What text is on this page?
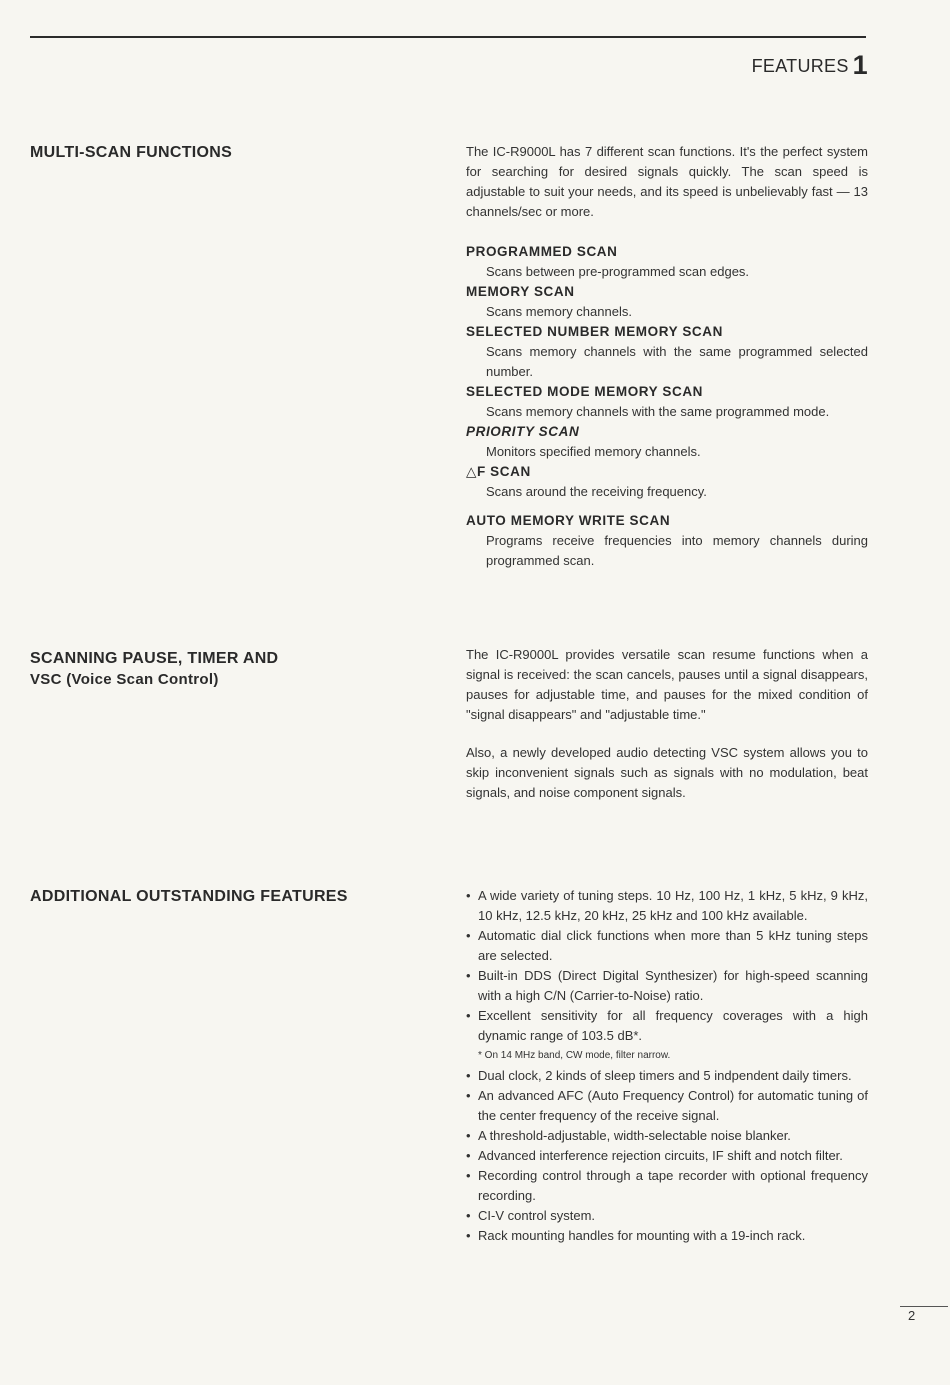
FEATURES 1
MULTI-SCAN FUNCTIONS	The IC-R9000L has 7 different scan functions. It's the perfect system for searching for desired signals quickly. The scan speed is adjustable to suit your needs, and its speed is unbelievably fast — 13 channels/sec or more.

PROGRAMMED SCAN
Scans between pre-programmed scan edges.
MEMORY SCAN
Scans memory channels.
SELECTED NUMBER MEMORY SCAN
Scans memory channels with the same programmed selected number.
SELECTED MODE MEMORY SCAN
Scans memory channels with the same programmed mode.
PRIORITY SCAN
Monitors specified memory channels.
△F SCAN
Scans around the receiving frequency.
AUTO MEMORY WRITE SCAN
Programs receive frequencies into memory channels during programmed scan.
SCANNING PAUSE, TIMER AND
VSC (Voice Scan Control)

The IC-R9000L provides versatile scan resume functions when a signal is received: the scan cancels, pauses until a signal disappears, pauses for adjustable time, and pauses for the mixed condition of "signal disappears" and "adjustable time."

Also, a newly developed audio detecting VSC system allows you to skip inconvenient signals such as signals with no modulation, beat signals, and noise component signals.

ADDITIONAL OUTSTANDING FEATURES	• A wide variety of tuning steps. 10 Hz, 100 Hz, 1 kHz, 5 kHz, 9 kHz, 10 kHz, 12.5 kHz, 20 kHz, 25 kHz and 100 kHz available.
• Automatic dial click functions when more than 5 kHz tuning steps are selected.
• Built-in DDS (Direct Digital Synthesizer) for high-speed scanning with a high C/N (Carrier-to-Noise) ratio.
• Excellent sensitivity for all frequency coverages with a high dynamic range of 103.5 dB*.
* On 14 MHz band, CW mode, filter narrow.
• Dual clock, 2 kinds of sleep timers and 5 indpendent daily timers.
• An advanced AFC (Auto Frequency Control) for automatic tuning of the center frequency of the receive signal.
• A threshold-adjustable, width-selectable noise blanker.
• Advanced interference rejection circuits, IF shift and notch filter.
• Recording control through a tape recorder with optional frequency recording.
• CI-V control system.
• Rack mounting handles for mounting with a 19-inch rack.
2
